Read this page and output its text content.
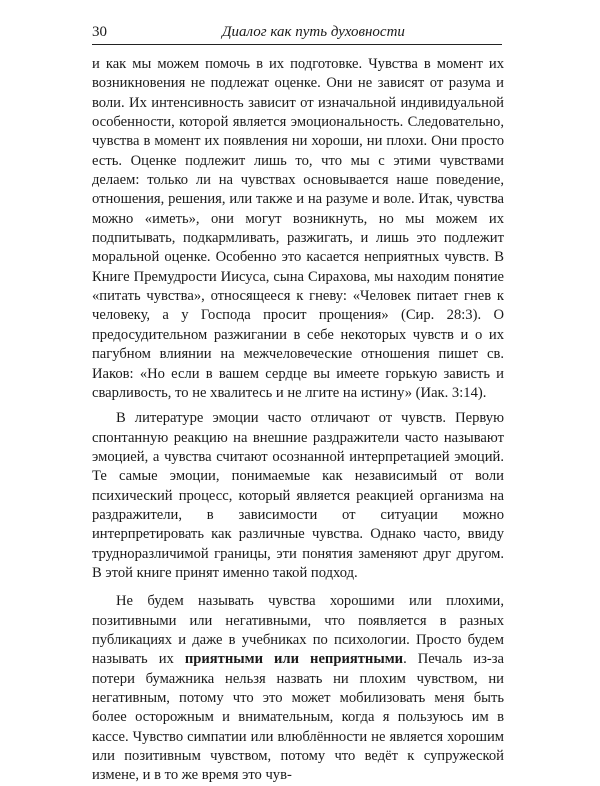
30	Диалог как путь духовности

и как мы можем помочь в их подготовке. Чувства в момент их возникновения не подлежат оценке. Они не зависят от разума и воли. Их интенсивность зависит от изначальной индивидуальной особенности, которой является эмоциональность. Следовательно, чувства в момент их появления ни хороши, ни плохи. Они просто есть. Оценке подлежит лишь то, что мы с этими чувствами делаем: только ли на чувствах основывается наше поведение, отношения, решения, или также и на разуме и воле. Итак, чувства можно «иметь», они могут возникнуть, но мы можем их подпитывать, подкармливать, разжигать, и лишь это подлежит моральной оценке. Особенно это касается неприятных чувств. В Книге Премудрости Иисуса, сына Сирахова, мы находим понятие «питать чувства», относящееся к гневу: «Человек питает гнев к человеку, а у Господа просит прощения» (Сир. 28:3). О предосудительном разжигании в себе некоторых чувств и о их пагубном влиянии на межчеловеческие отношения пишет св. Иаков: «Но если в вашем сердце вы имеете горькую зависть и сварливость, то не хвалитесь и не лгите на истину» (Иак. 3:14).

В литературе эмоции часто отличают от чувств. Первую спонтанную реакцию на внешние раздражители часто называют эмоцией, а чувства считают осознанной интерпретацией эмоций. Те самые эмоции, понимаемые как независимый от воли психический процесс, который является реакцией организма на раздражители, в зависимости от ситуации можно интерпретировать как различные чувства. Однако часто, ввиду трудноразличимой границы, эти понятия заменяют друг другом. В этой книге принят именно такой подход.

Не будем называть чувства хорошими или плохими, позитивными или негативными, что появляется в разных публикациях и даже в учебниках по психологии. Просто будем называть их приятными или неприятными. Печаль из-за потери бумажника нельзя назвать ни плохим чувством, ни негативным, потому что это может мобилизовать меня быть более осторожным и внимательным, когда я пользуюсь им в кассе. Чувство симпатии или влюблённости не является хорошим или позитивным чувством, потому что ведёт к супружеской измене, и в то же время это чув-
